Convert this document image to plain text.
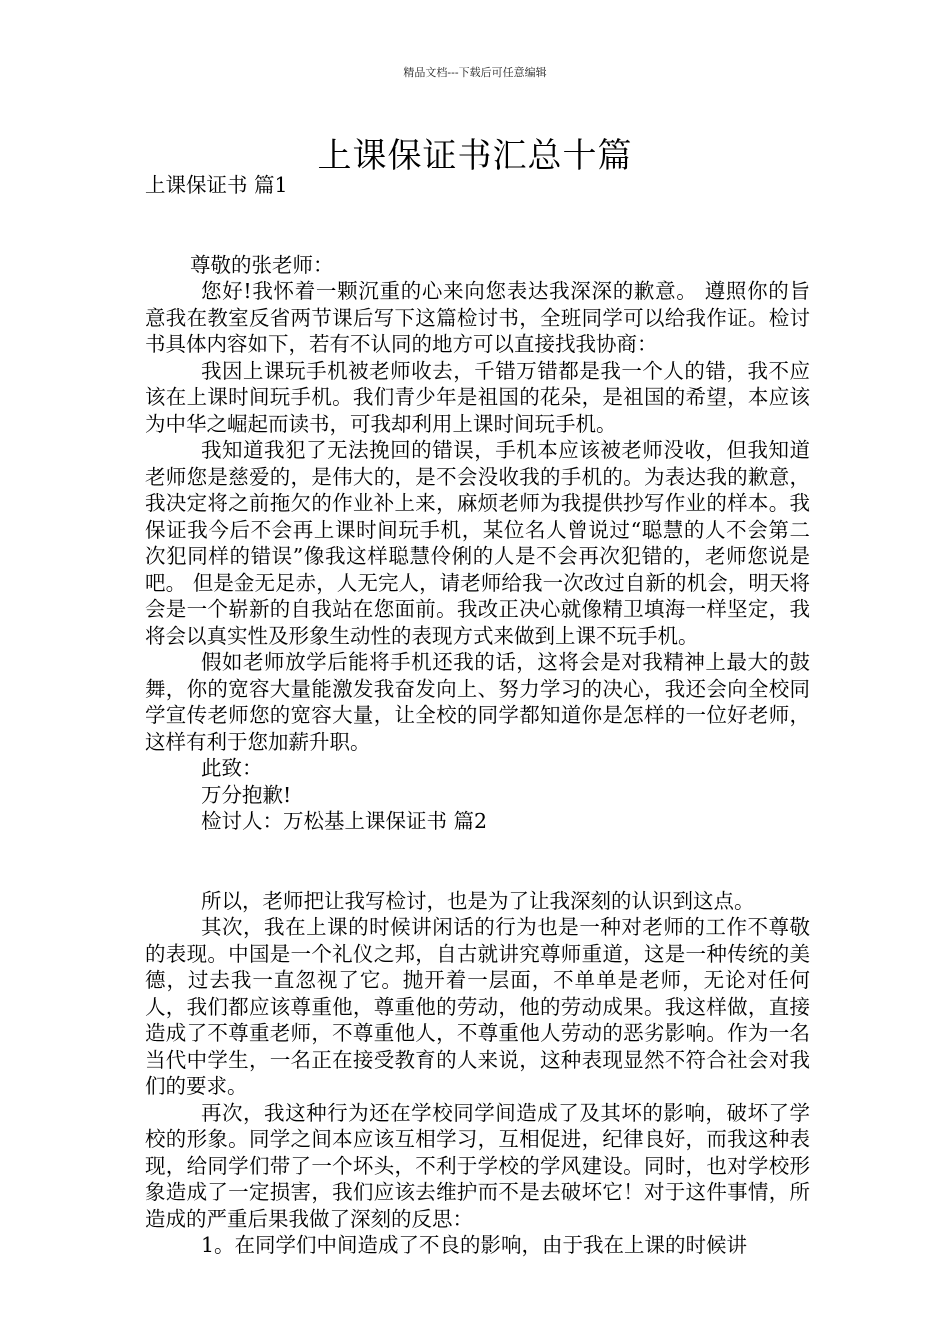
精品文档---下载后可任意编辑
上课保证书汇总十篇

上课保证书 篇1

尊敬的张老师：

您好!我怀着一颗沉重的心来向您表达我深深的歉意。 遵照你的旨意我在教室反省两节课后写下这篇检讨书，全班同学可以给我作证。检讨书具体内容如下，若有不认同的地方可以直接找我协商：

我因上课玩手机被老师收去，千错万错都是我一个人的错，我不应该在上课时间玩手机。我们青少年是祖国的花朵，是祖国的希望，本应该为中华之崛起而读书，可我却利用上课时间玩手机。

我知道我犯了无法挽回的错误，手机本应该被老师没收，但我知道老师您是慈爱的，是伟大的，是不会没收我的手机的。为表达我的歉意，我决定将之前拖欠的作业补上来，麻烦老师为我提供抄写作业的样本。我保证我今后不会再上课时间玩手机，某位名人曾说过“聪慧的人不会第二次犯同样的错误”像我这样聪慧伶俐的人是不会再次犯错的，老师您说是吧。 但是金无足赤，人无完人，请老师给我一次改过自新的机会，明天将会是一个崭新的自我站在您面前。我改正决心就像精卫填海一样坚定，我将会以真实性及形象生动性的表现方式来做到上课不玩手机。

假如老师放学后能将手机还我的话，这将会是对我精神上最大的鼓舞，你的宽容大量能激发我奋发向上、努力学习的决心，我还会向全校同学宣传老师您的宽容大量，让全校的同学都知道你是怎样的一位好老师，这样有利于您加薪升职。

此致：

万分抱歉!

检讨人：万松基上课保证书 篇2

所以，老师把让我写检讨，也是为了让我深刻的认识到这点。

其次，我在上课的时候讲闲话的行为也是一种对老师的工作不尊敬的表现。中国是一个礼仪之邦，自古就讲究尊师重道，这是一种传统的美德，过去我一直忽视了它。抛开着一层面，不单单是老师，无论对任何人，我们都应该尊重他，尊重他的劳动，他的劳动成果。我这样做，直接造成了不尊重老师，不尊重他人，不尊重他人劳动的恶劣影响。作为一名当代中学生，一名正在接受教育的人来说，这种表现显然不符合社会对我们的要求。

再次，我这种行为还在学校同学间造成了及其坏的影响，破坏了学校的形象。同学之间本应该互相学习，互相促进，纪律良好，而我这种表现，给同学们带了一个坏头，不利于学校的学风建设。同时，也对学校形象造成了一定损害，我们应该去维护而不是去破坏它！对于这件事情，所造成的严重后果我做了深刻的反思：

1。在同学们中间造成了不良的影响，由于我在上课的时候讲
